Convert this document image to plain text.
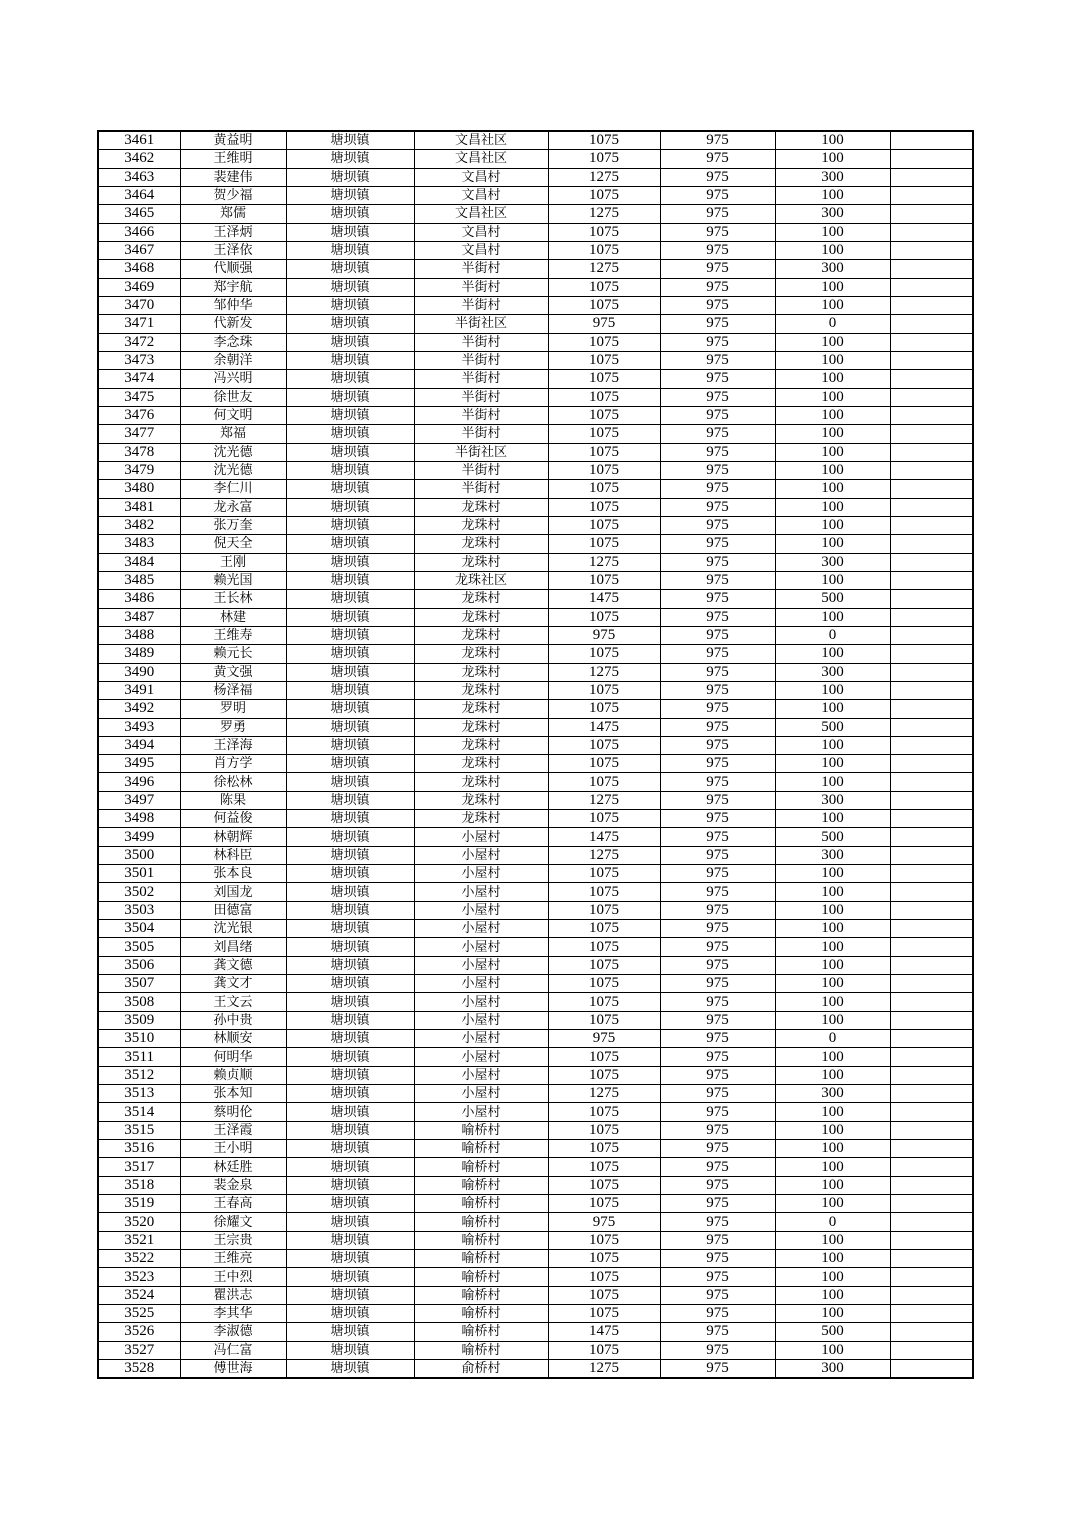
3461	黄益明	塘坝镇	文昌社区	1075	975	100	
3462	王维明	塘坝镇	文昌社区	1075	975	100	
3463	裴建伟	塘坝镇	文昌村	1275	975	300	
3464	贺少福	塘坝镇	文昌村	1075	975	100	
3465	郑儒	塘坝镇	文昌社区	1275	975	300	
3466	王泽炳	塘坝镇	文昌村	1075	975	100	
3467	王泽依	塘坝镇	文昌村	1075	975	100	
3468	代顺强	塘坝镇	半街村	1275	975	300	
3469	郑宇航	塘坝镇	半街村	1075	975	100	
3470	邹仲华	塘坝镇	半街村	1075	975	100	
3471	代新发	塘坝镇	半街社区	975	975	0	
3472	李念珠	塘坝镇	半街村	1075	975	100	
3473	余朝洋	塘坝镇	半街村	1075	975	100	
3474	冯兴明	塘坝镇	半街村	1075	975	100	
3475	徐世友	塘坝镇	半街村	1075	975	100	
3476	何文明	塘坝镇	半街村	1075	975	100	
3477	郑福	塘坝镇	半街村	1075	975	100	
3478	沈光德	塘坝镇	半街社区	1075	975	100	
3479	沈光德	塘坝镇	半街村	1075	975	100	
3480	李仁川	塘坝镇	半街村	1075	975	100	
3481	龙永富	塘坝镇	龙珠村	1075	975	100	
3482	张万奎	塘坝镇	龙珠村	1075	975	100	
3483	倪天全	塘坝镇	龙珠村	1075	975	100	
3484	王刚	塘坝镇	龙珠村	1275	975	300	
3485	赖光国	塘坝镇	龙珠社区	1075	975	100	
3486	王长林	塘坝镇	龙珠村	1475	975	500	
3487	林建	塘坝镇	龙珠村	1075	975	100	
3488	王维寿	塘坝镇	龙珠村	975	975	0	
3489	赖元长	塘坝镇	龙珠村	1075	975	100	
3490	黄文强	塘坝镇	龙珠村	1275	975	300	
3491	杨泽福	塘坝镇	龙珠村	1075	975	100	
3492	罗明	塘坝镇	龙珠村	1075	975	100	
3493	罗勇	塘坝镇	龙珠村	1475	975	500	
3494	王泽海	塘坝镇	龙珠村	1075	975	100	
3495	肖方学	塘坝镇	龙珠村	1075	975	100	
3496	徐松林	塘坝镇	龙珠村	1075	975	100	
3497	陈果	塘坝镇	龙珠村	1275	975	300	
3498	何益俊	塘坝镇	龙珠村	1075	975	100	
3499	林朝辉	塘坝镇	小屋村	1475	975	500	
3500	林科臣	塘坝镇	小屋村	1275	975	300	
3501	张本良	塘坝镇	小屋村	1075	975	100	
3502	刘国龙	塘坝镇	小屋村	1075	975	100	
3503	田德富	塘坝镇	小屋村	1075	975	100	
3504	沈光银	塘坝镇	小屋村	1075	975	100	
3505	刘昌绪	塘坝镇	小屋村	1075	975	100	
3506	龚文德	塘坝镇	小屋村	1075	975	100	
3507	龚文才	塘坝镇	小屋村	1075	975	100	
3508	王文云	塘坝镇	小屋村	1075	975	100	
3509	孙中贵	塘坝镇	小屋村	1075	975	100	
3510	林顺安	塘坝镇	小屋村	975	975	0	
3511	何明华	塘坝镇	小屋村	1075	975	100	
3512	赖贞顺	塘坝镇	小屋村	1075	975	100	
3513	张本知	塘坝镇	小屋村	1275	975	300	
3514	蔡明伦	塘坝镇	小屋村	1075	975	100	
3515	王泽霞	塘坝镇	喻桥村	1075	975	100	
3516	王小明	塘坝镇	喻桥村	1075	975	100	
3517	林廷胜	塘坝镇	喻桥村	1075	975	100	
3518	裴金泉	塘坝镇	喻桥村	1075	975	100	
3519	王春高	塘坝镇	喻桥村	1075	975	100	
3520	徐耀文	塘坝镇	喻桥村	975	975	0	
3521	王宗贵	塘坝镇	喻桥村	1075	975	100	
3522	王维亮	塘坝镇	喻桥村	1075	975	100	
3523	王中烈	塘坝镇	喻桥村	1075	975	100	
3524	瞿洪志	塘坝镇	喻桥村	1075	975	100	
3525	李其华	塘坝镇	喻桥村	1075	975	100	
3526	李淑德	塘坝镇	喻桥村	1475	975	500	
3527	冯仁富	塘坝镇	喻桥村	1075	975	100	
3528	傅世海	塘坝镇	俞桥村	1275	975	300	
